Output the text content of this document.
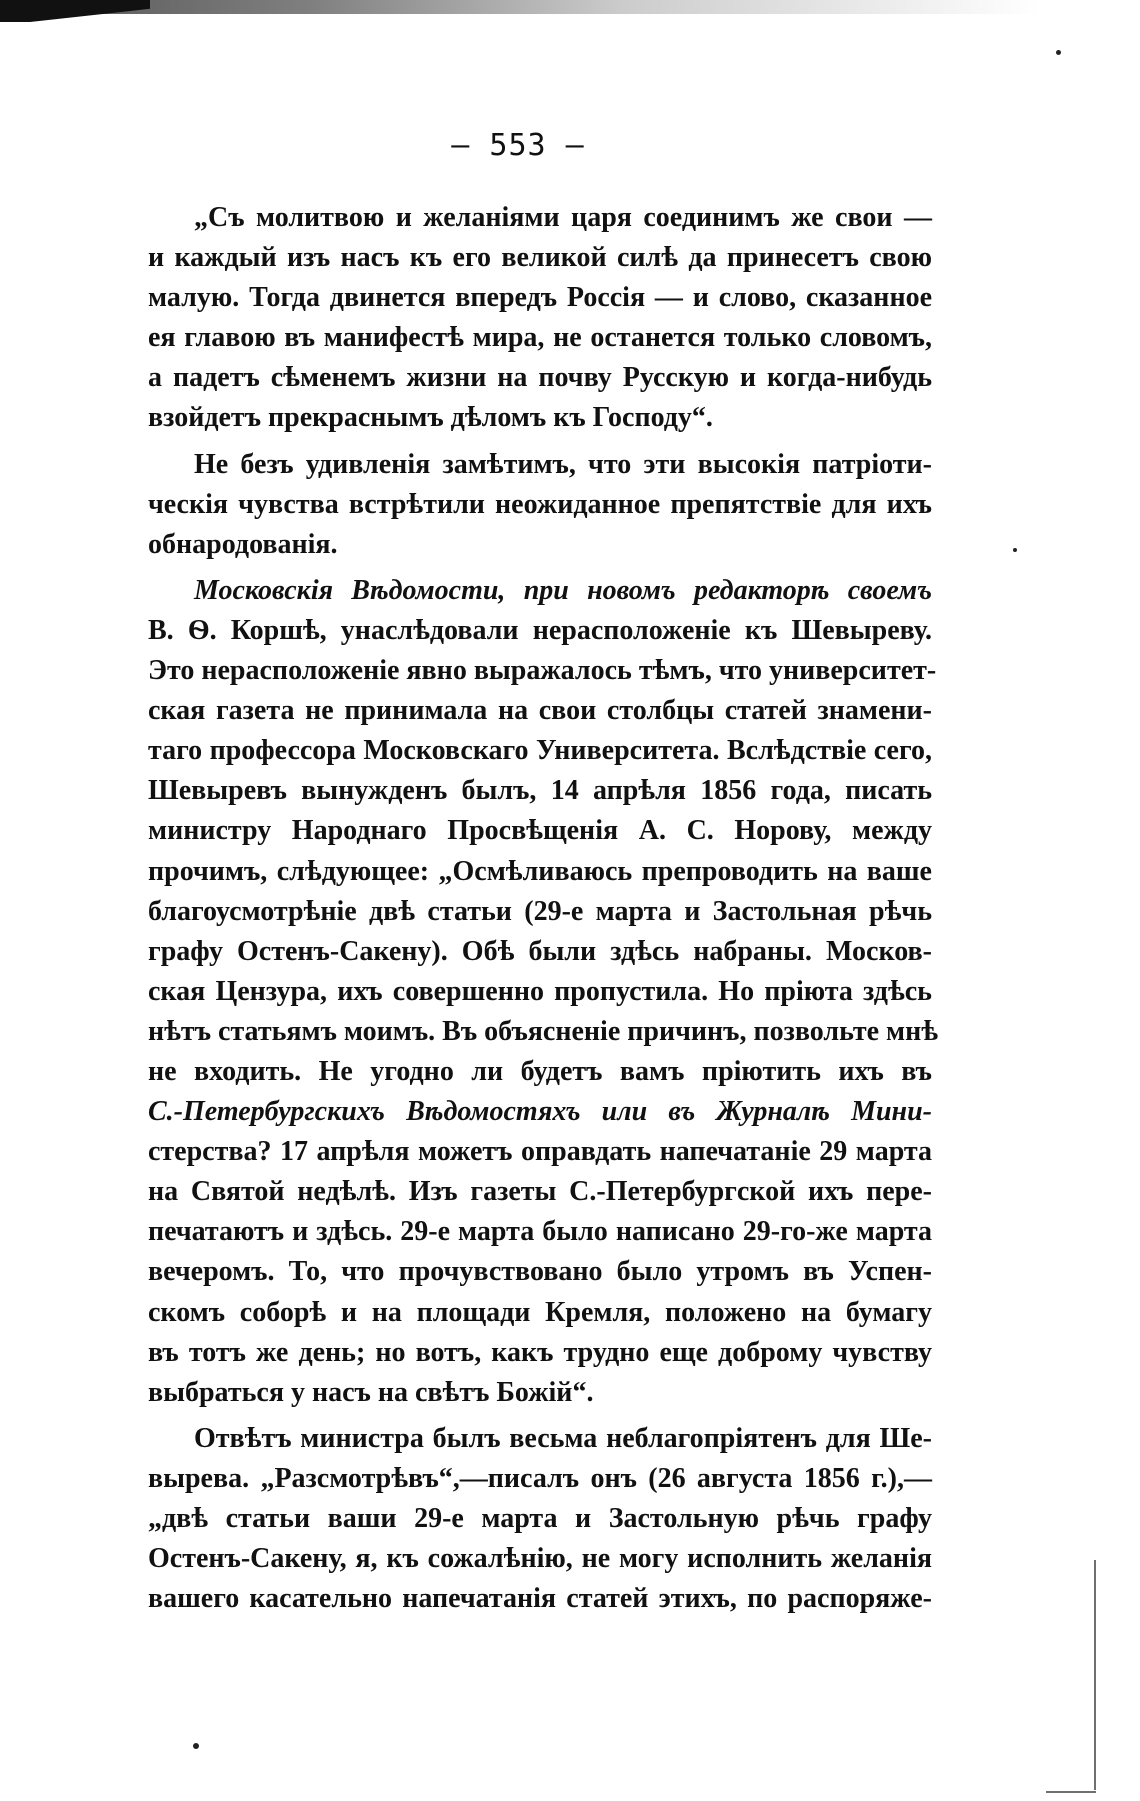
— 553 —
„Съ молитвою и желаніями царя соединимъ же свои —
и каждый изъ насъ къ его великой силѣ да принесетъ свою
малую. Тогда двинется впередъ Россія — и слово, сказанное
ея главою въ манифестѣ мира, не останется только словомъ,
а падетъ сѣменемъ жизни на почву Русскую и когда-нибудь
взойдетъ прекраснымъ дѣломъ къ Господу“.
Не безъ удивленія замѣтимъ, что эти высокія патріоти-
ческія чувства встрѣтили неожиданное препятствіе для ихъ
обнародованія.
Московскія Вѣдомости, при новомъ редакторѣ своемъ
В. Ѳ. Коршѣ, унаслѣдовали нерасположеніе къ Шевыреву.
Это нерасположеніе явно выражалось тѣмъ, что университет-
ская газета не принимала на свои столбцы статей знамени-
таго профессора Московскаго Университета. Вслѣдствіе сего,
Шевыревъ вынужденъ былъ, 14 апрѣля 1856 года, писать
министру Народнаго Просвѣщенія А. С. Норову, между
прочимъ, слѣдующее: „Осмѣливаюсь препроводить на ваше
благоусмотрѣніе двѣ статьи (29-е марта и Застольная рѣчь
графу Остенъ-Сакену). Обѣ были здѣсь набраны. Москов-
ская Цензура, ихъ совершенно пропустила. Но пріюта здѣсь
нѣтъ статьямъ моимъ. Въ объясненіе причинъ, позвольте мнѣ
не входить. Не угодно ли будетъ вамъ пріютить ихъ въ
С.-Петербургскихъ Вѣдомостяхъ или въ Журналѣ Мини-
стерства? 17 апрѣля можетъ оправдать напечатаніе 29 марта
на Святой недѣлѣ. Изъ газеты С.-Петербургской ихъ пере-
печатаютъ и здѣсь. 29-е марта было написано 29-го-же марта
вечеромъ. То, что прочувствовано было утромъ въ Успен-
скомъ соборѣ и на площади Кремля, положено на бумагу
въ тотъ же день; но вотъ, какъ трудно еще доброму чувству
выбраться у насъ на свѣтъ Божій“.
Отвѣтъ министра былъ весьма неблагопріятенъ для Ше-
вырева. „Разсмотрѣвъ“,—писалъ онъ (26 августа 1856 г.),—
„двѣ статьи ваши 29-е марта и Застольную рѣчь графу
Остенъ-Сакену, я, къ сожалѣнію, не могу исполнить желанія
вашего касательно напечатанія статей этихъ, по распоряже-
